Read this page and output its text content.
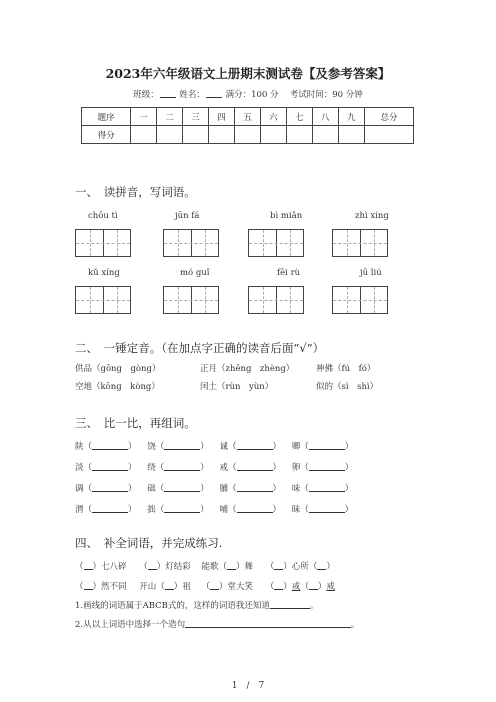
2023年六年级语文上册期末测试卷【及参考答案】
班级： 姓名： 满分：100 分　 考试时间：90 分钟
题序	一	二	三	四	五	六	七	八	九	总分
得分										
一、　读拼音，写词语。
chōu tì	jūn fá	bì miǎn	zhì xíng
kǔ xíng	mó guǐ	fēi rù	jū liú
二、　一锤定音。（在加点字正确的读音后面“√”）
供品（gōng　gòng）	正月（zhēng　zhèng）	神佛（fú　fó）
空地（kōng　kòng）	闰土（rùn　yùn）	似的（sì　shì）
三、　比一比，再组词。
陕（	） 饶（	） 诚（	） 卿（	）
淡（	） 绕（	） 戒（	） 卵（	）
调（	） 础（	） 脯（	） 味（	）
渭（	） 拙（	） 哺（	） 昧（	）
四、　补全词语，并完成练习.
（ ）七八碎 （ ）灯结彩 能歌（ ）舞 （ ）心所（ ）
（ ）然不同 开山（ ）祖 （ ）堂大笑 （ ）戒（ ）戒
1.画线的词语属于ABCB式的，这样的词语我还知道	。
2.从以上词语中选择一个造句	。
1　/　7
